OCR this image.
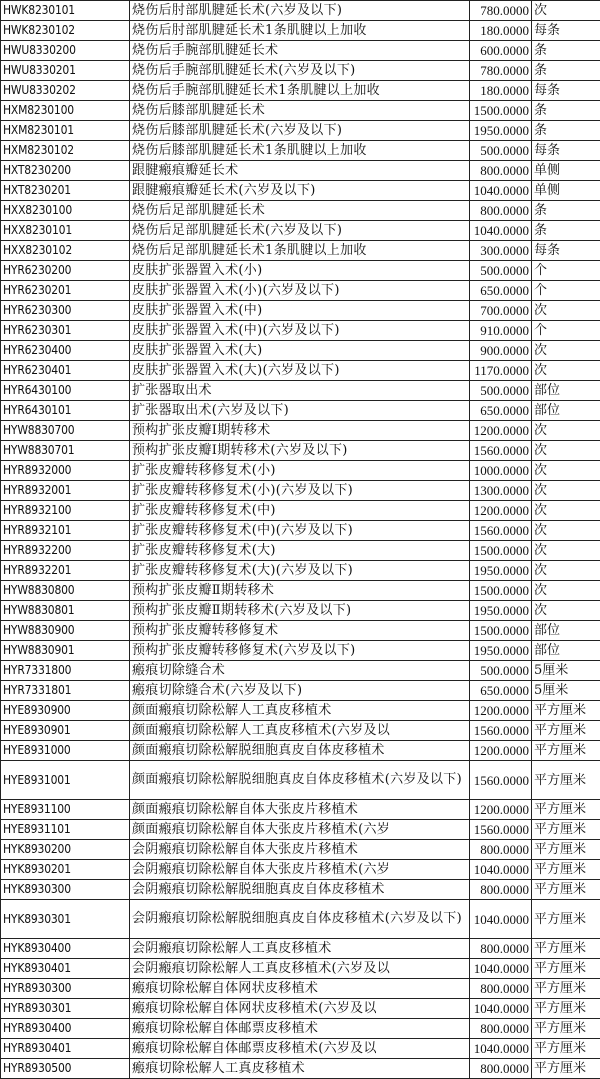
HWK8230101	烧伤后肘部肌腱延长术(六岁及以下)	780.0000	次
HWK8230102	烧伤后肘部肌腱延长术1条肌腱以上加收	180.0000	每条
HWU8330200	烧伤后手腕部肌腱延长术	600.0000	条
HWU8330201	烧伤后手腕部肌腱延长术(六岁及以下)	780.0000	条
HWU8330202	烧伤后手腕部肌腱延长术1条肌腱以上加收	180.0000	每条
HXM8230100	烧伤后膝部肌腱延长术	1500.0000	条
HXM8230101	烧伤后膝部肌腱延长术(六岁及以下)	1950.0000	条
HXM8230102	烧伤后膝部肌腱延长术1条肌腱以上加收	500.0000	每条
HXT8230200	跟腱瘢痕瓣延长术	800.0000	单侧
HXT8230201	跟腱瘢痕瓣延长术(六岁及以下)	1040.0000	单侧
HXX8230100	烧伤后足部肌腱延长术	800.0000	条
HXX8230101	烧伤后足部肌腱延长术(六岁及以下)	1040.0000	条
HXX8230102	烧伤后足部肌腱延长术1条肌腱以上加收	300.0000	每条
HYR6230200	皮肤扩张器置入术(小)	500.0000	个
HYR6230201	皮肤扩张器置入术(小)(六岁及以下)	650.0000	个
HYR6230300	皮肤扩张器置入术(中)	700.0000	次
HYR6230301	皮肤扩张器置入术(中)(六岁及以下)	910.0000	个
HYR6230400	皮肤扩张器置入术(大)	900.0000	次
HYR6230401	皮肤扩张器置入术(大)(六岁及以下)	1170.0000	次
HYR6430100	扩张器取出术	500.0000	部位
HYR6430101	扩张器取出术(六岁及以下)	650.0000	部位
HYW8830700	预构扩张皮瓣Ⅰ期转移术	1200.0000	次
HYW8830701	预构扩张皮瓣Ⅰ期转移术(六岁及以下)	1560.0000	次
HYR8932000	扩张皮瓣转移修复术(小)	1000.0000	次
HYR8932001	扩张皮瓣转移修复术(小)(六岁及以下)	1300.0000	次
HYR8932100	扩张皮瓣转移修复术(中)	1200.0000	次
HYR8932101	扩张皮瓣转移修复术(中)(六岁及以下)	1560.0000	次
HYR8932200	扩张皮瓣转移修复术(大)	1500.0000	次
HYR8932201	扩张皮瓣转移修复术(大)(六岁及以下)	1950.0000	次
HYW8830800	预构扩张皮瓣Ⅱ期转移术	1500.0000	次
HYW8830801	预构扩张皮瓣Ⅱ期转移术(六岁及以下)	1950.0000	次
HYW8830900	预构扩张皮瓣转移修复术	1500.0000	部位
HYW8830901	预构扩张皮瓣转移修复术(六岁及以下)	1950.0000	部位
HYR7331800	瘢痕切除缝合术	500.0000	5厘米
HYR7331801	瘢痕切除缝合术(六岁及以下)	650.0000	5厘米
HYE8930900	颜面瘢痕切除松解人工真皮移植术	1200.0000	平方厘米
HYE8930901	颜面瘢痕切除松解人工真皮移植术(六岁及以	1560.0000	平方厘米
HYE8931000	颜面瘢痕切除松解脱细胞真皮自体皮移植术	1200.0000	平方厘米
HYE8931001	颜面瘢痕切除松解脱细胞真皮自体皮移植术(六岁及以下)	1560.0000	平方厘米
HYE8931100	颜面瘢痕切除松解自体大张皮片移植术	1200.0000	平方厘米
HYE8931101	颜面瘢痕切除松解自体大张皮片移植术(六岁	1560.0000	平方厘米
HYK8930200	会阴瘢痕切除松解自体大张皮片移植术	800.0000	平方厘米
HYK8930201	会阴瘢痕切除松解自体大张皮片移植术(六岁	1040.0000	平方厘米
HYK8930300	会阴瘢痕切除松解脱细胞真皮自体皮移植术	800.0000	平方厘米
HYK8930301	会阴瘢痕切除松解脱细胞真皮自体皮移植术(六岁及以下)	1040.0000	平方厘米
HYK8930400	会阴瘢痕切除松解人工真皮移植术	800.0000	平方厘米
HYK8930401	会阴瘢痕切除松解人工真皮移植术(六岁及以	1040.0000	平方厘米
HYR8930300	瘢痕切除松解自体网状皮移植术	800.0000	平方厘米
HYR8930301	瘢痕切除松解自体网状皮移植术(六岁及以	1040.0000	平方厘米
HYR8930400	瘢痕切除松解自体邮票皮移植术	800.0000	平方厘米
HYR8930401	瘢痕切除松解自体邮票皮移植术(六岁及以	1040.0000	平方厘米
HYR8930500	瘢痕切除松解人工真皮移植术	800.0000	平方厘米
